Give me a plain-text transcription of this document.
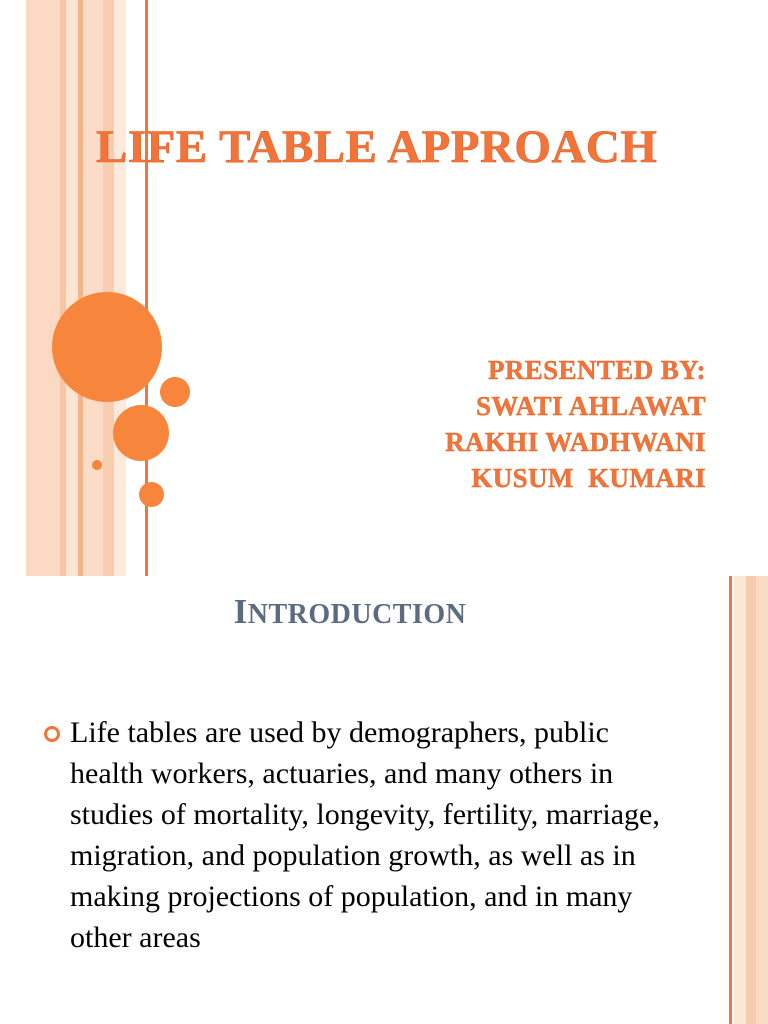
LIFE TABLE APPROACH
PRESENTED BY:
SWATI AHLAWAT
RAKHI WADHWANI
KUSUM  KUMARI
INTRODUCTION
Life tables are used by demographers, public health workers, actuaries, and many others in studies of mortality, longevity, fertility, marriage, migration, and population growth, as well as in making projections of population, and in many other areas
